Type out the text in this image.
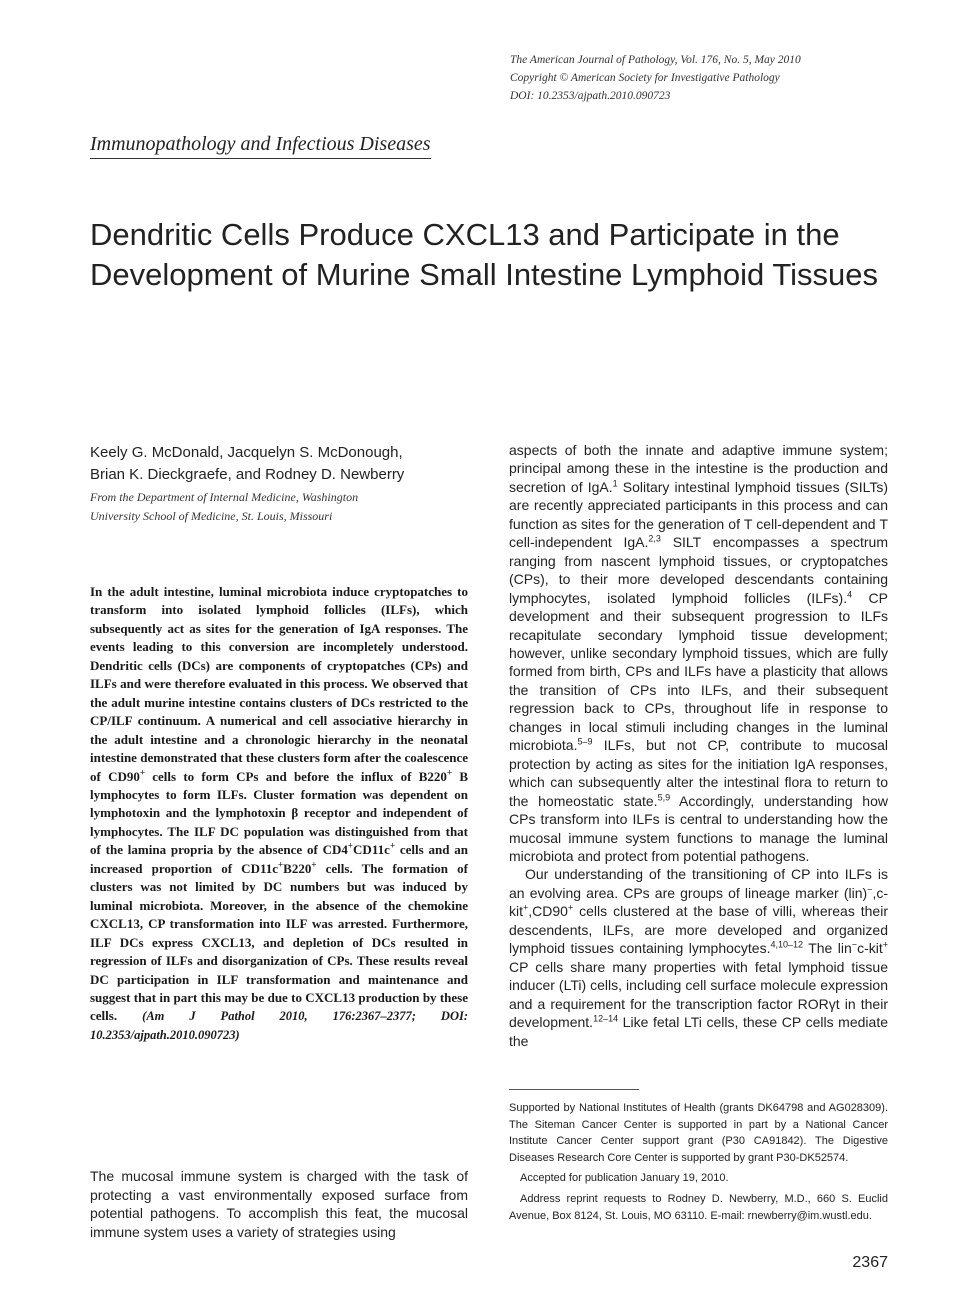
The American Journal of Pathology, Vol. 176, No. 5, May 2010
Copyright © American Society for Investigative Pathology
DOI: 10.2353/ajpath.2010.090723
Immunopathology and Infectious Diseases
Dendritic Cells Produce CXCL13 and Participate in the Development of Murine Small Intestine Lymphoid Tissues
Keely G. McDonald, Jacquelyn S. McDonough,
Brian K. Dieckgraefe, and Rodney D. Newberry
From the Department of Internal Medicine, Washington
University School of Medicine, St. Louis, Missouri

In the adult intestine, luminal microbiota induce cryptopatches to transform into isolated lymphoid follicles (ILFs), which subsequently act as sites for the generation of IgA responses. The events leading to this conversion are incompletely understood. Dendritic cells (DCs) are components of cryptopatches (CPs) and ILFs and were therefore evaluated in this process. We observed that the adult murine intestine contains clusters of DCs restricted to the CP/ILF continuum. A numerical and cell associative hierarchy in the adult intestine and a chronologic hierarchy in the neonatal intestine demonstrated that these clusters form after the coalescence of CD90+ cells to form CPs and before the influx of B220+ B lymphocytes to form ILFs. Cluster formation was dependent on lymphotoxin and the lymphotoxin β receptor and independent of lymphocytes. The ILF DC population was distinguished from that of the lamina propria by the absence of CD4+CD11c+ cells and an increased proportion of CD11c+B220+ cells. The formation of clusters was not limited by DC numbers but was induced by luminal microbiota. Moreover, in the absence of the chemokine CXCL13, CP transformation into ILF was arrested. Furthermore, ILF DCs express CXCL13, and depletion of DCs resulted in regression of ILFs and disorganization of CPs. These results reveal DC participation in ILF transformation and maintenance and suggest that in part this may be due to CXCL13 production by these cells. (Am J Pathol 2010, 176:2367–2377; DOI: 10.2353/ajpath.2010.090723)

The mucosal immune system is charged with the task of protecting a vast environmentally exposed surface from potential pathogens. To accomplish this feat, the mucosal immune system uses a variety of strategies using

aspects of both the innate and adaptive immune system; principal among these in the intestine is the production and secretion of IgA.$^1$ Solitary intestinal lymphoid tissues (SILTs) are recently appreciated participants in this process and can function as sites for the generation of T cell-dependent and T cell-independent IgA.$^{2,3}$ SILT encompasses a spectrum ranging from nascent lymphoid tissues, or cryptopatches (CPs), to their more developed descendants containing lymphocytes, isolated lymphoid follicles (ILFs).$^4$ CP development and their subsequent progression to ILFs recapitulate secondary lymphoid tissue development; however, unlike secondary lymphoid tissues, which are fully formed from birth, CPs and ILFs have a plasticity that allows the transition of CPs into ILFs, and their subsequent regression back to CPs, throughout life in response to changes in local stimuli including changes in the luminal microbiota.$^{5-9}$ ILFs, but not CP, contribute to mucosal protection by acting as sites for the initiation IgA responses, which can subsequently alter the intestinal flora to return to the homeostatic state.$^{5,9}$ Accordingly, understanding how CPs transform into ILFs is central to understanding how the mucosal immune system functions to manage the luminal microbiota and protect from potential pathogens.

Our understanding of the transitioning of CP into ILFs is an evolving area. CPs are groups of lineage marker (lin)−,c-kit+,CD90+ cells clustered at the base of villi, whereas their descendents, ILFs, are more developed and organized lymphoid tissues containing lymphocytes.$^{4,10-12}$ The lin−c-kit+ CP cells share many properties with fetal lymphoid tissue inducer (LTi) cells, including cell surface molecule expression and a requirement for the transcription factor RORγt in their development.$^{12-14}$ Like fetal LTi cells, these CP cells mediate the

Supported by National Institutes of Health (grants DK64798 and AG028309). The Siteman Cancer Center is supported in part by a National Cancer Institute Cancer Center support grant (P30 CA91842). The Digestive Diseases Research Core Center is supported by grant P30-DK52574.

Accepted for publication January 19, 2010.

Address reprint requests to Rodney D. Newberry, M.D., 660 S. Euclid Avenue, Box 8124, St. Louis, MO 63110. E-mail: rnewberry@im.wustl.edu.

2367
